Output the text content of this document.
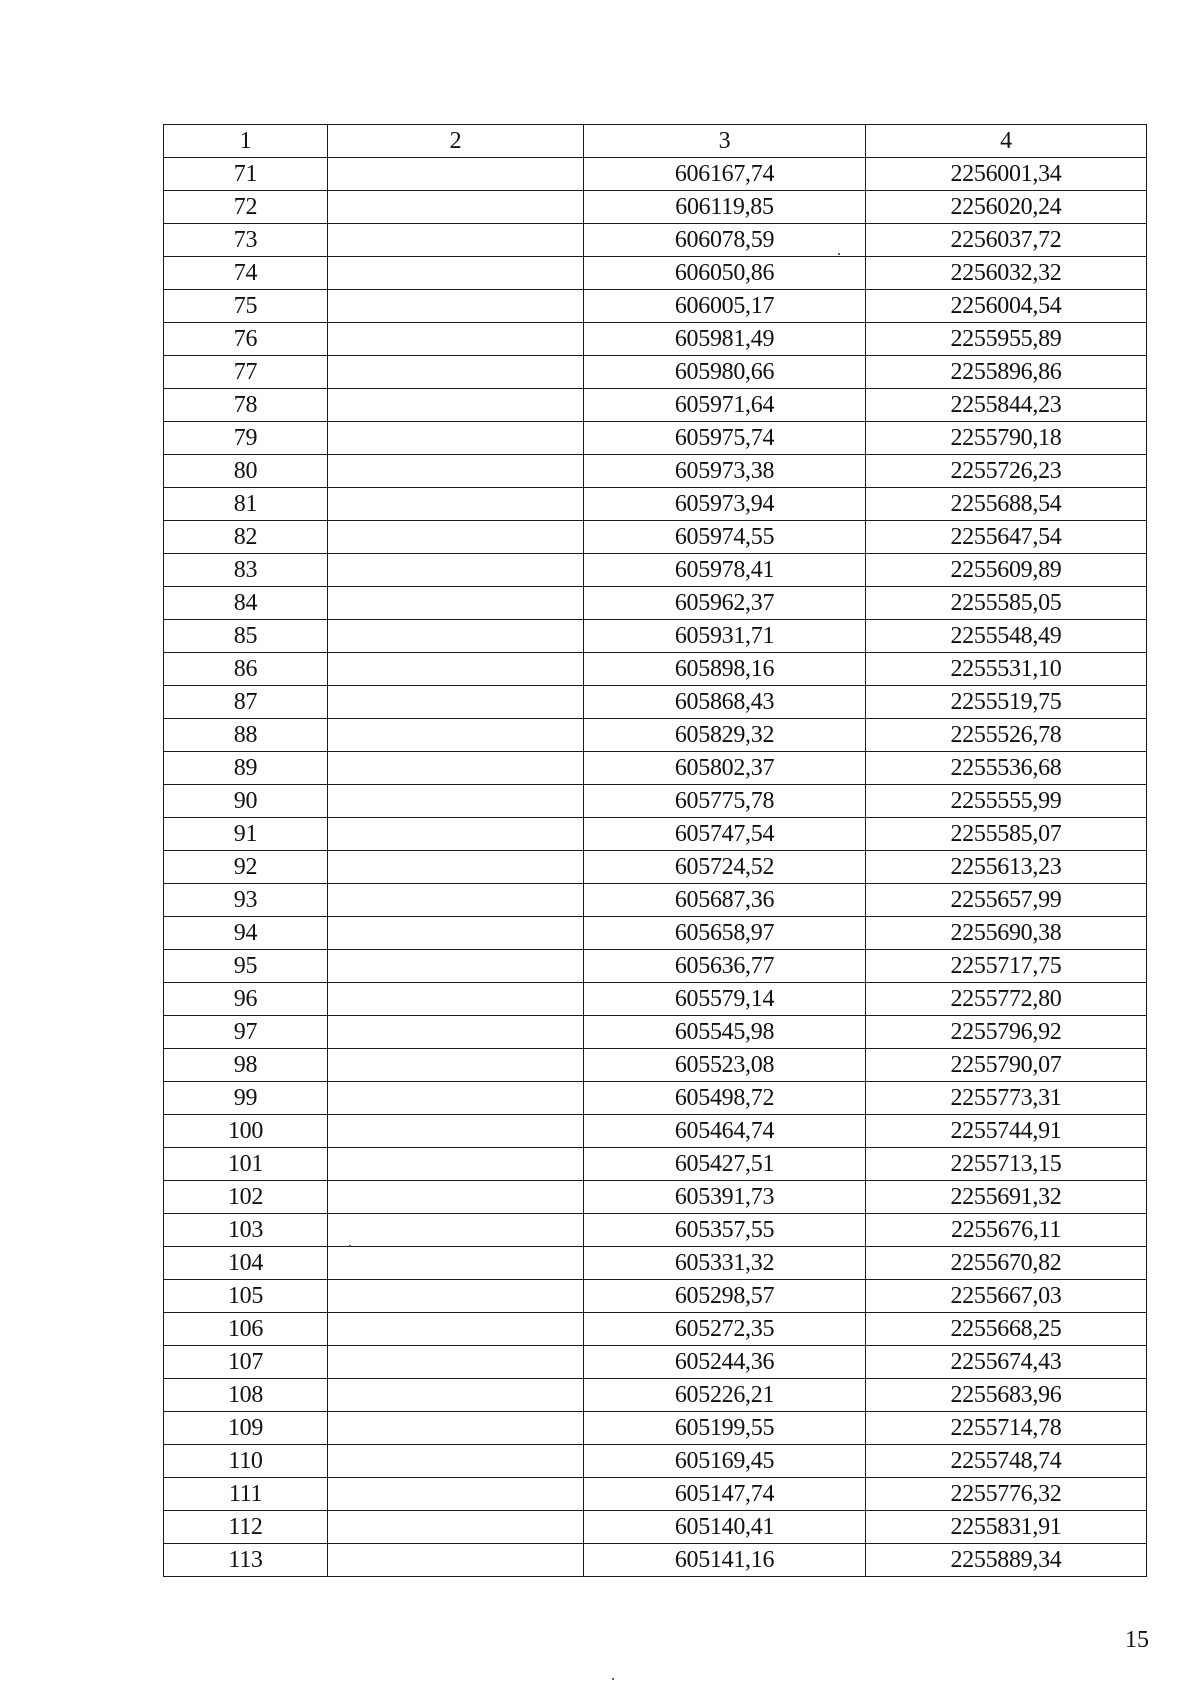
1	2	3	4
71		606167,74	2256001,34
72		606119,85	2256020,24
73		606078,59	2256037,72
74		606050,86	2256032,32
75		606005,17	2256004,54
76		605981,49	2255955,89
77		605980,66	2255896,86
78		605971,64	2255844,23
79		605975,74	2255790,18
80		605973,38	2255726,23
81		605973,94	2255688,54
82		605974,55	2255647,54
83		605978,41	2255609,89
84		605962,37	2255585,05
85		605931,71	2255548,49
86		605898,16	2255531,10
87		605868,43	2255519,75
88		605829,32	2255526,78
89		605802,37	2255536,68
90		605775,78	2255555,99
91		605747,54	2255585,07
92		605724,52	2255613,23
93		605687,36	2255657,99
94		605658,97	2255690,38
95		605636,77	2255717,75
96		605579,14	2255772,80
97		605545,98	2255796,92
98		605523,08	2255790,07
99		605498,72	2255773,31
100		605464,74	2255744,91
101		605427,51	2255713,15
102		605391,73	2255691,32
103		605357,55	2255676,11
104		605331,32	2255670,82
105		605298,57	2255667,03
106		605272,35	2255668,25
107		605244,36	2255674,43
108		605226,21	2255683,96
109		605199,55	2255714,78
110		605169,45	2255748,74
111		605147,74	2255776,32
112		605140,41	2255831,91
113		605141,16	2255889,34
15
